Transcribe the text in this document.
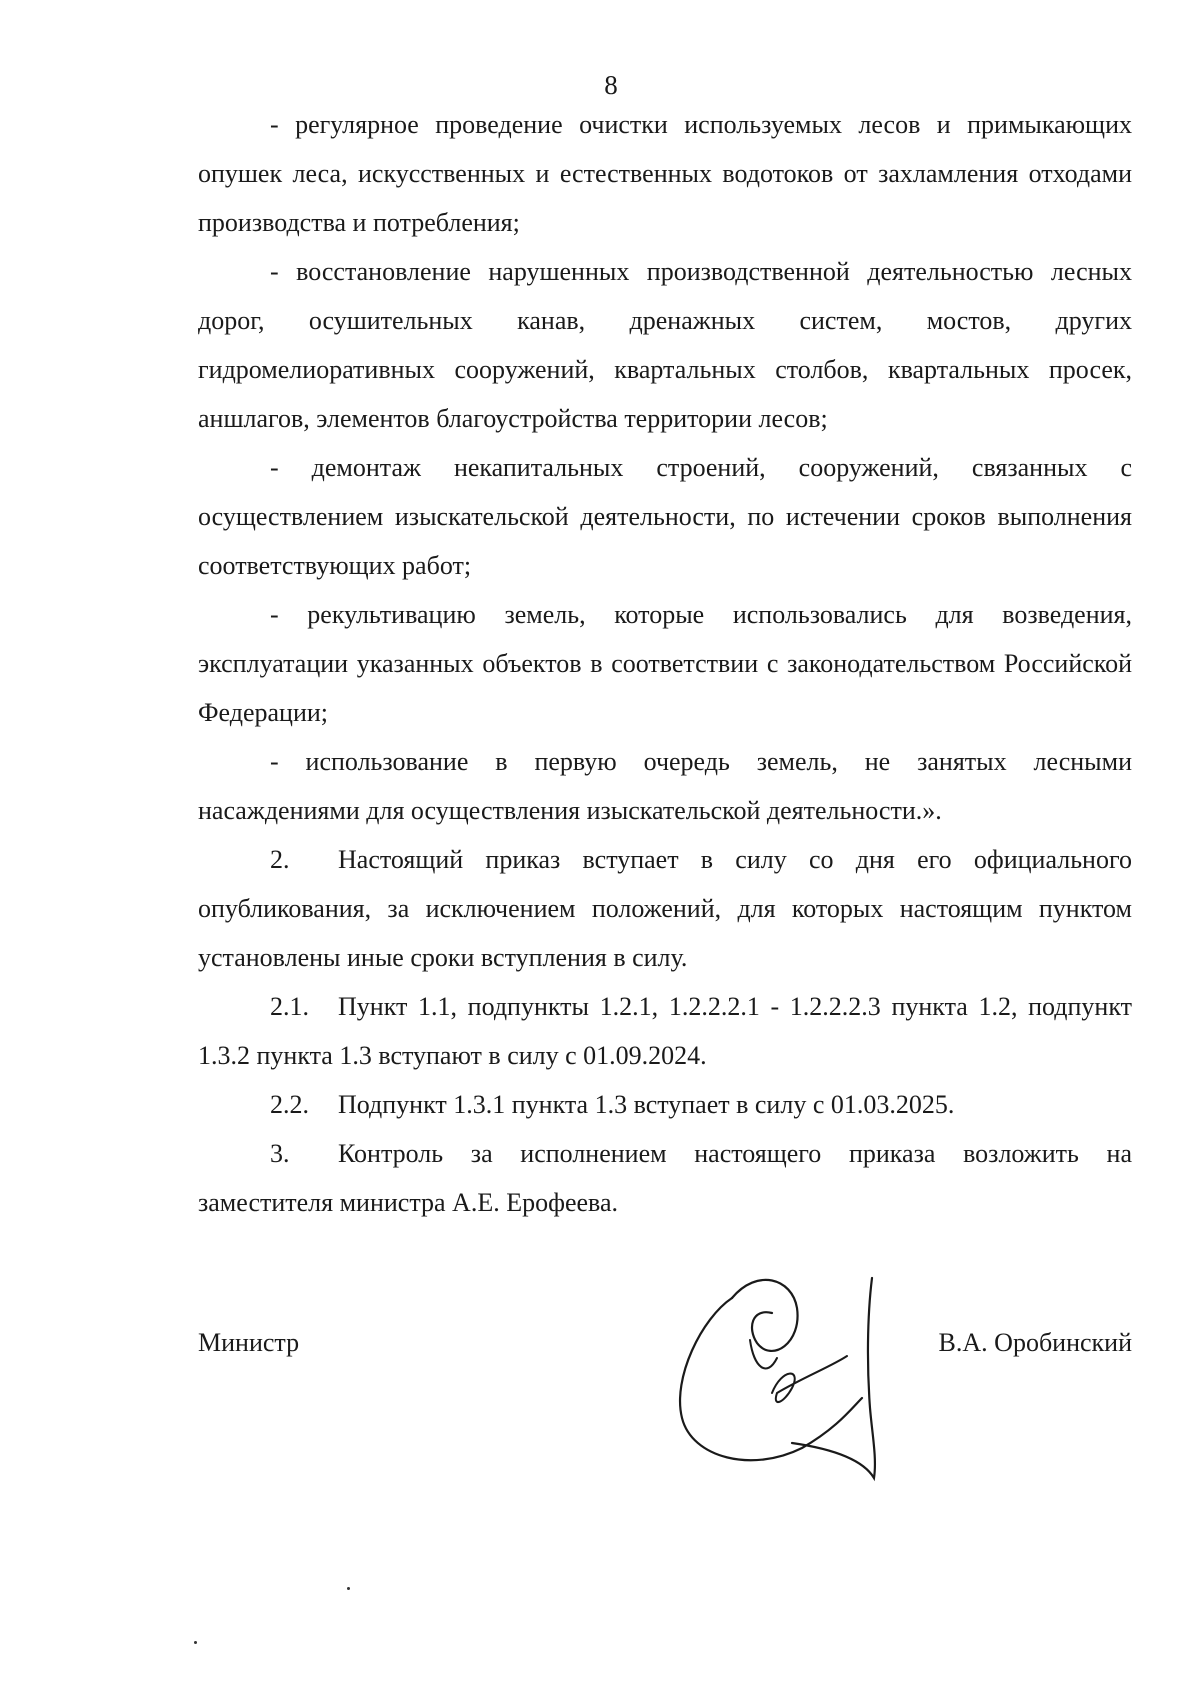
8

- регулярное проведение очистки используемых лесов и примыкающих опушек леса, искусственных и естественных водотоков от захламления отходами производства и потребления;

- восстановление нарушенных производственной деятельностью лесных дорог, осушительных канав, дренажных систем, мостов, других гидромелиоративных сооружений, квартальных столбов, квартальных просек, аншлагов, элементов благоустройства территории лесов;

- демонтаж некапитальных строений, сооружений, связанных с осуществлением изыскательской деятельности, по истечении сроков выполнения соответствующих работ;

- рекультивацию земель, которые использовались для возведения, эксплуатации указанных объектов в соответствии с законодательством Российской Федерации;

- использование в первую очередь земель, не занятых лесными насаждениями для осуществления изыскательской деятельности.».

2. Настоящий приказ вступает в силу со дня его официального опубликования, за исключением положений, для которых настоящим пунктом установлены иные сроки вступления в силу.

2.1. Пункт 1.1, подпункты 1.2.1, 1.2.2.2.1 - 1.2.2.2.3 пункта 1.2, подпункт 1.3.2 пункта 1.3 вступают в силу с 01.09.2024.

2.2. Подпункт 1.3.1 пункта 1.3 вступает в силу с 01.03.2025.

3. Контроль за исполнением настоящего приказа возложить на заместителя министра А.Е. Ерофеева.

Министр	В.А. Оробинский
